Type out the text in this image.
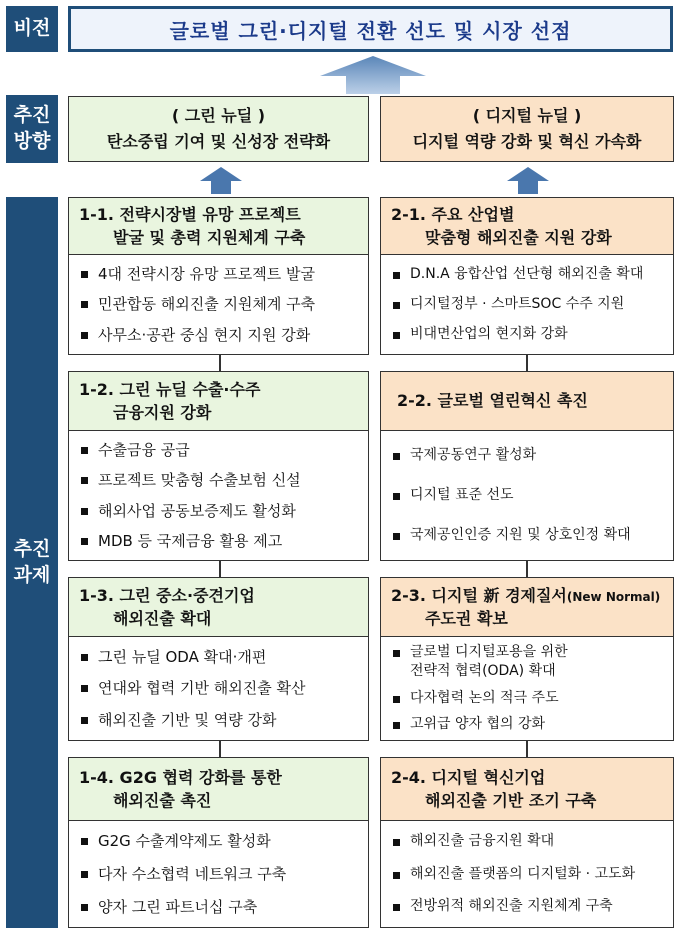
비전
추진
방향
추진
과제
글로벌 그린·디지털 전환 선도 및 시장 선점
( 그린 뉴딜 )
탄소중립 기여 및 신성장 전략화
( 디지털 뉴딜 )
디지털 역량 강화 및 혁신 가속화
1-1. 전략시장별 유망 프로젝트
발굴 및 총력 지원체계 구축
4대 전략시장 유망 프로젝트 발굴
민관합동 해외진출 지원체계 구축
사무소·공관 중심 현지 지원 강화
1-2. 그린 뉴딜 수출·수주
금융지원 강화
수출금융 공급
프로젝트 맞춤형 수출보험 신설
해외사업 공동보증제도 활성화
MDB 등 국제금융 활용 제고
1-3. 그린 중소·중견기업
해외진출 확대
그린 뉴딜 ODA 확대·개편
연대와 협력 기반 해외진출 확산
해외진출 기반 및 역량 강화
1-4. G2G 협력 강화를 통한
해외진출 촉진
G2G 수출계약제도 활성화
다자 수소협력 네트워크 구축
양자 그린 파트너십 구축
2-1. 주요 산업별
맞춤형 해외진출 지원 강화
D.N.A 융합산업 선단형 해외진출 확대
디지털정부 · 스마트SOC 수주 지원
비대면산업의 현지화 강화
2-2. 글로벌 열린혁신 촉진
국제공동연구 활성화
디지털 표준 선도
국제공인인증 지원 및 상호인정 확대
2-3. 디지털 新 경제질서(New Normal)
주도권 확보
글로벌 디지털포용을 위한
전략적 협력(ODA) 확대
다자협력 논의 적극 주도
고위급 양자 협의 강화
2-4. 디지털 혁신기업
해외진출 기반 조기 구축
해외진출 금융지원 확대
해외진출 플랫폼의 디지털화 · 고도화
전방위적 해외진출 지원체계 구축
